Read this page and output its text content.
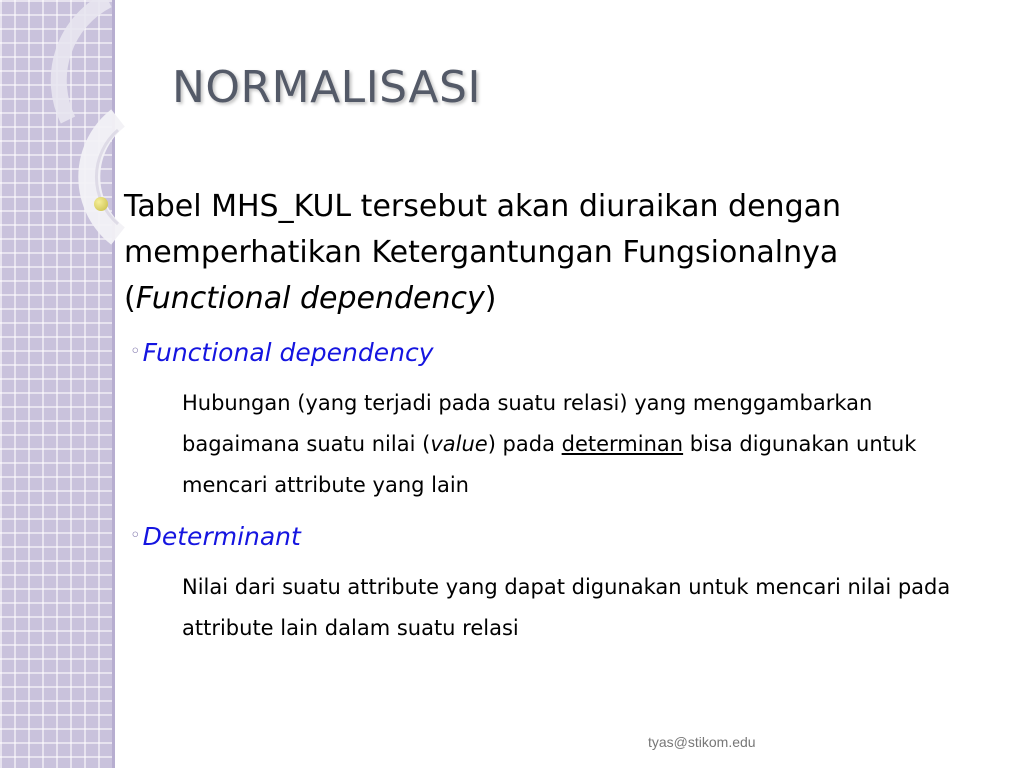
NORMALISASI
Tabel MHS_KUL tersebut akan diuraikan dengan memperhatikan Ketergantungan Fungsionalnya (Functional dependency)
◦Functional dependency
Hubungan (yang terjadi pada suatu relasi) yang menggambarkan bagaimana suatu nilai (value) pada determinan bisa digunakan untuk mencari attribute yang lain
◦Determinant
Nilai dari suatu attribute yang dapat digunakan untuk mencari nilai pada attribute lain dalam suatu relasi
tyas@stikom.edu
